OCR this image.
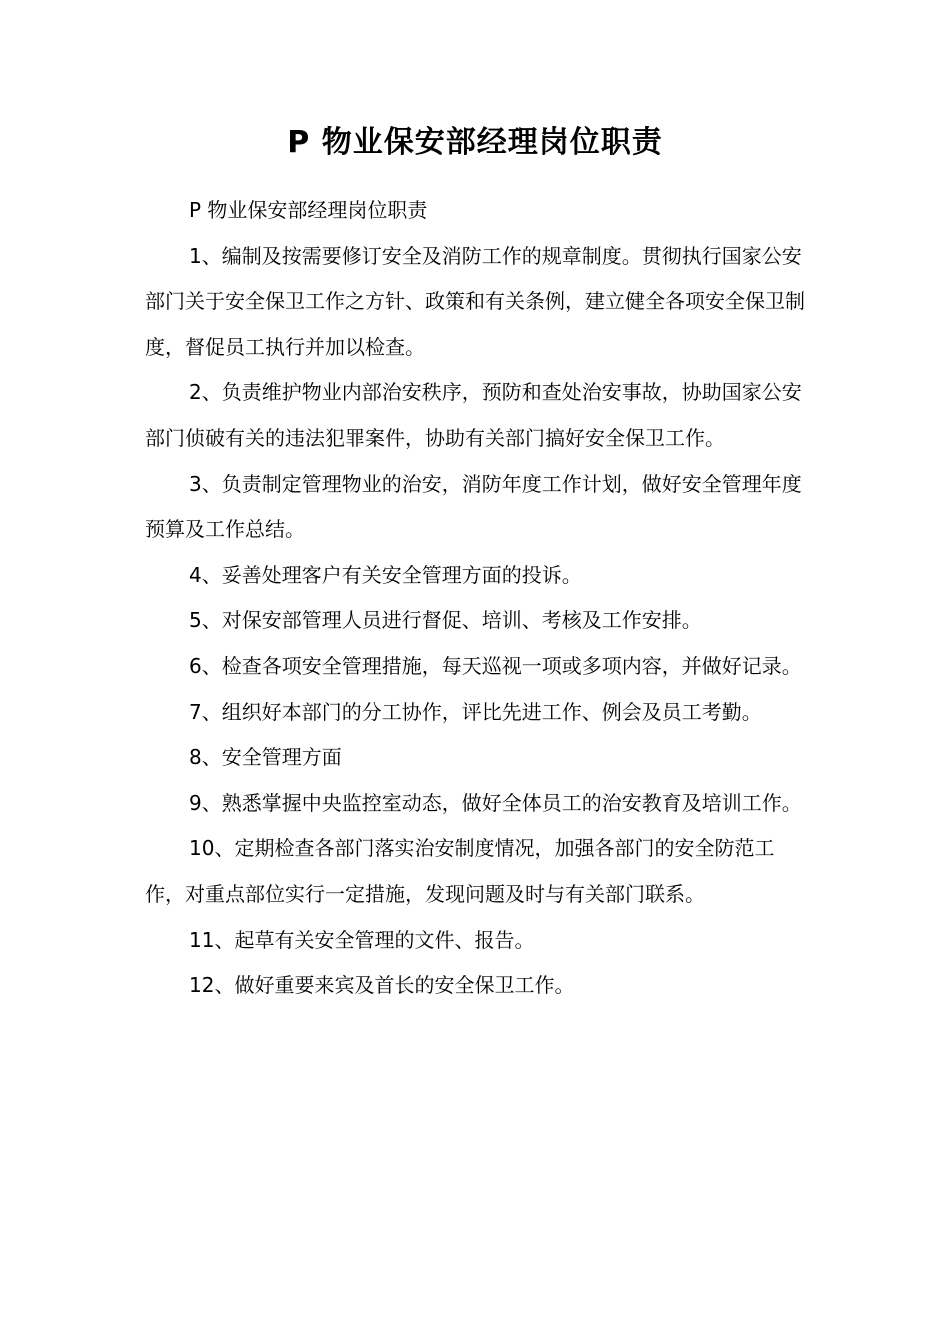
P 物业保安部经理岗位职责

P 物业保安部经理岗位职责

1、编制及按需要修订安全及消防工作的规章制度。贯彻执行国家公安部门关于安全保卫工作之方针、政策和有关条例，建立健全各项安全保卫制度，督促员工执行并加以检查。

2、负责维护物业内部治安秩序，预防和查处治安事故，协助国家公安部门侦破有关的违法犯罪案件，协助有关部门搞好安全保卫工作。

3、负责制定管理物业的治安，消防年度工作计划，做好安全管理年度预算及工作总结。

4、妥善处理客户有关安全管理方面的投诉。

5、对保安部管理人员进行督促、培训、考核及工作安排。

6、检查各项安全管理措施，每天巡视一项或多项内容，并做好记录。

7、组织好本部门的分工协作，评比先进工作、例会及员工考勤。

8、安全管理方面

9、熟悉掌握中央监控室动态，做好全体员工的治安教育及培训工作。

10、定期检查各部门落实治安制度情况，加强各部门的安全防范工作，对重点部位实行一定措施，发现问题及时与有关部门联系。

11、起草有关安全管理的文件、报告。

12、做好重要来宾及首长的安全保卫工作。
